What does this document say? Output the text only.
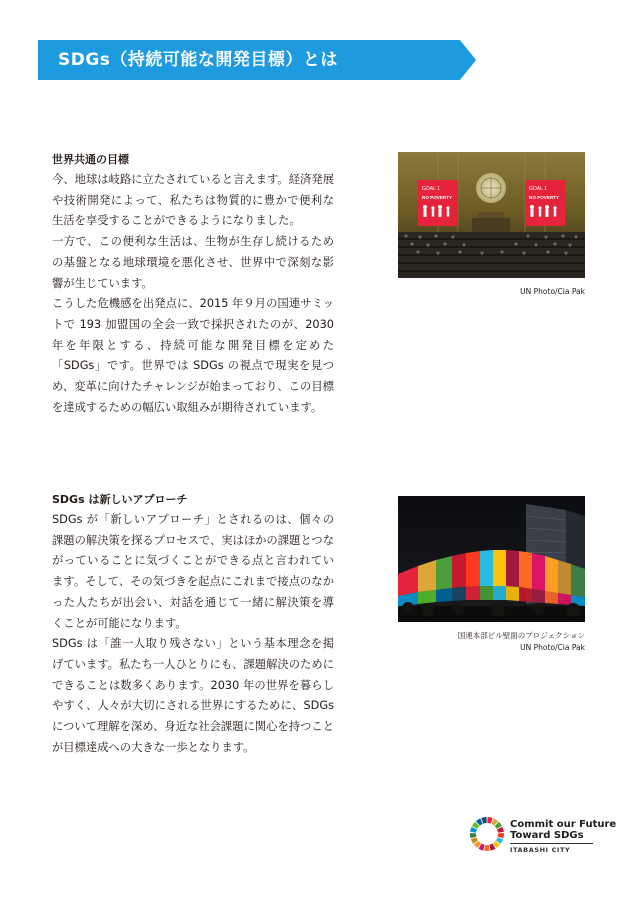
SDGs（持続可能な開発目標）とは
世界共通の目標

今、地球は岐路に立たされていると言えます。経済発展や技術開発によって、私たちは物質的に豊かで便利な生活を享受することができるようになりました。

一方で、この便利な生活は、生物が生存し続けるための基盤となる地球環境を悪化させ、世界中で深刻な影響が生じています。

こうした危機感を出発点に、2015 年９月の国連サミットで 193 加盟国の全会一致で採択されたのが、2030 年を年限とする、持続可能な開発目標を定めた「SDGs」です。世界では SDGs の視点で現実を見つめ、変革に向けたチャレンジが始まっており、この目標を達成するための幅広い取組みが期待されています。

GOAL 1
NO POVERTY
GOAL 1
NO POVERTY
UN Photo/Cia Pak
SDGs は新しいアプローチ

SDGs が「新しいアプローチ」とされるのは、個々の課題の解決策を探るプロセスで、実はほかの課題とつながっていることに気づくことができる点と言われています。そして、その気づきを起点にこれまで接点のなかった人たちが出会い、対話を通じて一緒に解決策を導くことが可能になります。

SDGs は「誰一人取り残さない」という基本理念を掲げています。私たち一人ひとりにも、課題解決のためにできることは数多くあります。2030 年の世界を暮らしやすく、人々が大切にされる世界にするために、SDGs について理解を深め、身近な社会課題に関心を持つことが目標達成への大きな一歩となります。

国連本部ビル壁面のプロジェクション
UN Photo/Cia Pak
Commit our Future
Toward SDGs
ITABASHI CITY
